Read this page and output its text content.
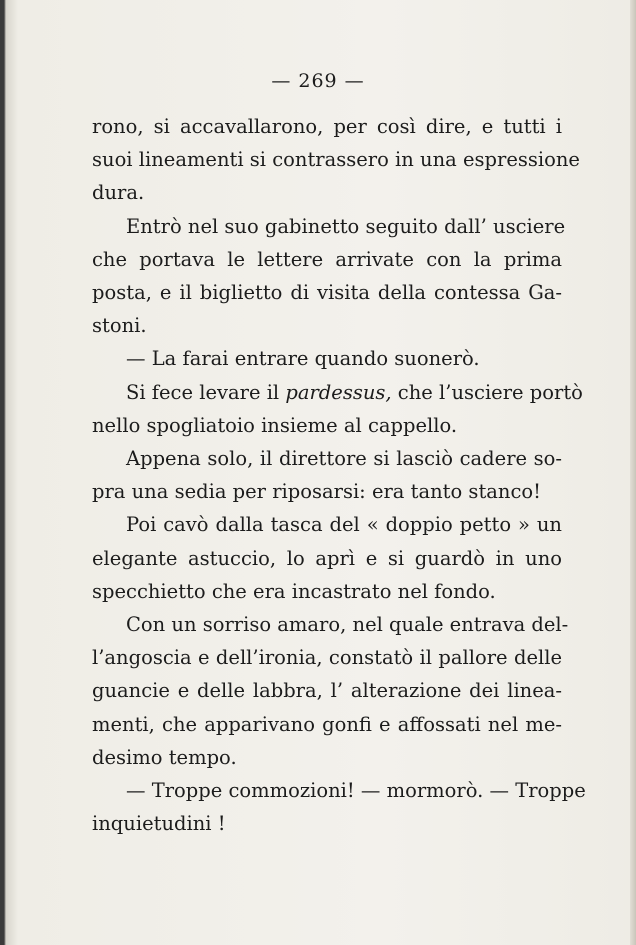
— 269 —
rono, si accavallarono, per così dire, e tutti i
suoi lineamenti si contrassero in una espressione
dura.
Entrò nel suo gabinetto seguito dall’ usciere
che portava le lettere arrivate con la prima
posta, e il biglietto di visita della contessa Ga-
stoni.
— La farai entrare quando suonerò.
Si fece levare il pardessus, che l’usciere portò
nello spogliatoio insieme al cappello.
Appena solo, il direttore si lasciò cadere so-
pra una sedia per riposarsi: era tanto stanco!
Poi cavò dalla tasca del « doppio petto » un
elegante astuccio, lo aprì e si guardò in uno
specchietto che era incastrato nel fondo.
Con un sorriso amaro, nel quale entrava del-
l’angoscia e dell’ironia, constatò il pallore delle
guancie e delle labbra, l’ alterazione dei linea-
menti, che apparivano gonfi e affossati nel me-
desimo tempo.
— Troppe commozioni! — mormorò. — Troppe
inquietudini !
